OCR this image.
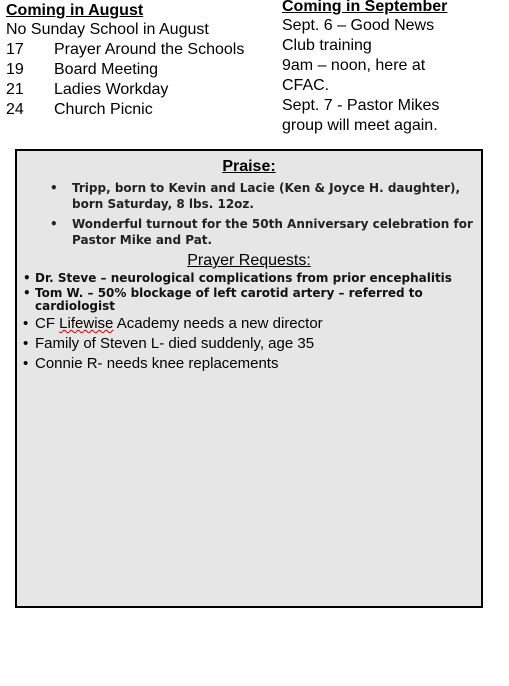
Coming in August

No Sunday School in August

17	Prayer Around the Schools
19	Board Meeting
21	Ladies Workday
24	Church Picnic

Coming in September

Sept. 6 – Good News

Club training

9am – noon, here at

CFAC.

Sept. 7 - Pastor Mikes

group will meet again.

Praise:

• Tripp, born to Kevin and Lacie (Ken & Joyce H. daughter), born Saturday, 8 lbs. 12oz.
• Wonderful turnout for the 50th Anniversary celebration for Pastor Mike and Pat.

Prayer Requests:

• Dr. Steve – neurological complications from prior encephalitis
• Tom W. – 50% blockage of left carotid artery – referred to cardiologist
• CF Lifewise Academy needs a new director
• Family of Steven L- died suddenly, age 35
• Connie R- needs knee replacements
